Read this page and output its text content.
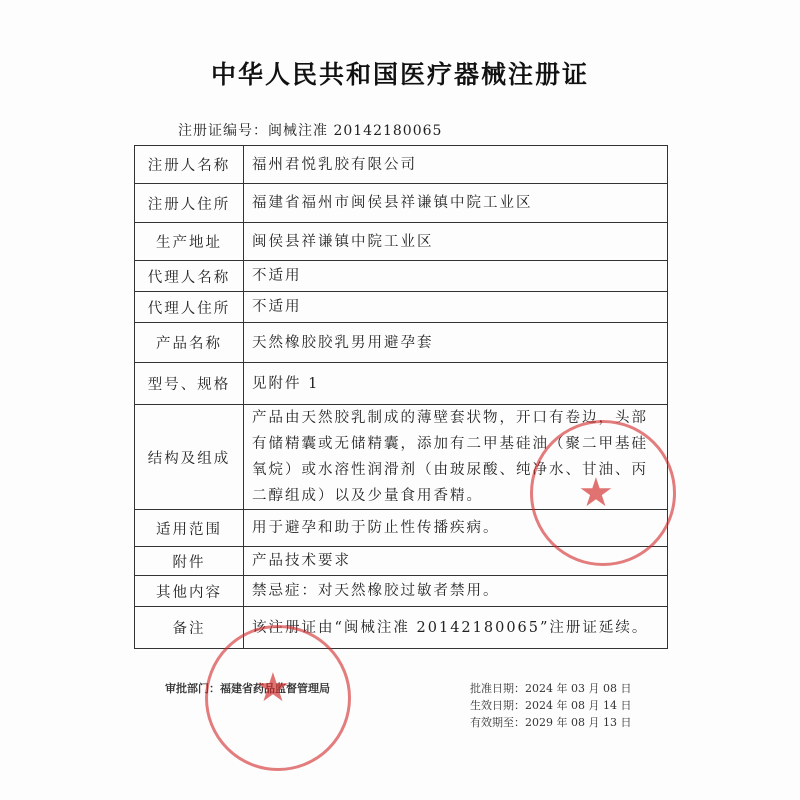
中华人民共和国医疗器械注册证
注册证编号：闽械注准 20142180065
注册人名称	福州君悦乳胶有限公司
注册人住所	福建省福州市闽侯县祥谦镇中院工业区
生产地址	闽侯县祥谦镇中院工业区
代理人名称	不适用
代理人住所	不适用
产品名称	天然橡胶胶乳男用避孕套
型号、规格	见附件 1
结构及组成	产品由天然胶乳制成的薄壁套状物，开口有卷边，头部有储精囊或无储精囊，添加有二甲基硅油（聚二甲基硅氧烷）或水溶性润滑剂（由玻尿酸、纯净水、甘油、丙二醇组成）以及少量食用香精。
适用范围	用于避孕和助于防止性传播疾病。
附件	产品技术要求
其他内容	禁忌症：对天然橡胶过敏者禁用。
备注	该注册证由“闽械注准 20142180065”注册证延续。
审批部门：福建省药品监督管理局	批准日期：2024 年 03 月 08 日
生效日期：2024 年 08 月 14 日
有效期至：2029 年 08 月 13 日
★
★
